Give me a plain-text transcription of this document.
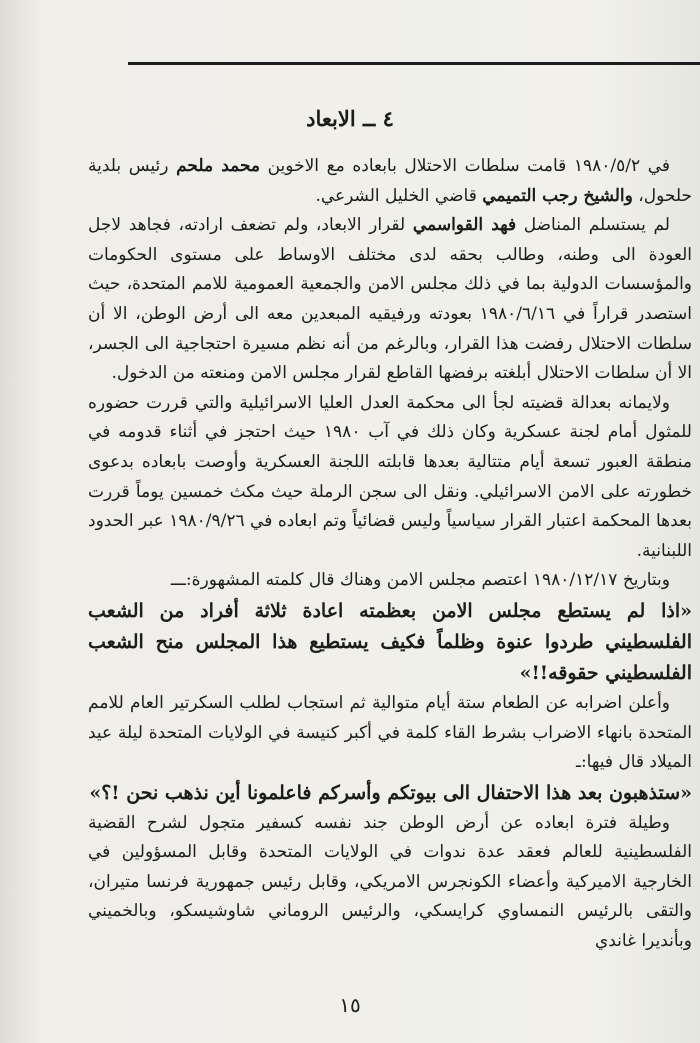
٤ ــ الابعاد

في ١٩٨٠/٥/٢ قامت سلطات الاحتلال بابعاده مع الاخوين محمد ملحم رئيس بلدية حلحول، والشيخ رجب التميمي قاضي الخليل الشرعي.

لم يستسلم المناضل فهد القواسمي لقرار الابعاد، ولم تضعف ارادته، فجاهد لاجل العودة الى وطنه، وطالب بحقه لدى مختلف الاوساط على مستوى الحكومات والمؤسسات الدولية بما في ذلك مجلس الامن والجمعية العمومية للامم المتحدة، حيث استصدر قراراً في ١٩٨٠/٦/١٦ بعودته ورفيقيه المبعدين معه الى أرض الوطن، الا أن سلطات الاحتلال رفضت هذا القرار، وبالرغم من أنه نظم مسيرة احتجاجية الى الجسر، الا أن سلطات الاحتلال أبلغته برفضها القاطع لقرار مجلس الامن ومنعته من الدخول.

ولايمانه بعدالة قضيته لجأ الى محكمة العدل العليا الاسرائيلية والتي قررت حضوره للمثول أمام لجنة عسكرية وكان ذلك في آب ١٩٨٠ حيث احتجز في أثناء قدومه في منطقة العبور تسعة أيام متتالية بعدها قابلته اللجنة العسكرية وأوصت بابعاده بدعوى خطورته على الامن الاسرائيلي. ونقل الى سجن الرملة حيث مكث خمسين يوماً قررت بعدها المحكمة اعتبار القرار سياسياً وليس قضائياً وتم ابعاده في ١٩٨٠/٩/٢٦ عبر الحدود اللبنانية.

وبتاريخ ١٩٨٠/١٢/١٧ اعتصم مجلس الامن وهناك قال كلمته المشهورة:ـــ

«اذا لم يستطع مجلس الامن بعظمته اعادة ثلاثة أفراد من الشعب الفلسطيني طردوا عنوة وظلماً فكيف يستطيع هذا المجلس منح الشعب الفلسطيني حقوقه!!»

وأعلن اضرابه عن الطعام ستة أيام متوالية ثم استجاب لطلب السكرتير العام للامم المتحدة بانهاء الاضراب بشرط القاء كلمة في أكبر كنيسة في الولايات المتحدة ليلة عيد الميلاد قال فيها:ـ

«ستذهبون بعد هذا الاحتفال الى بيوتكم وأسركم فاعلمونا أين نذهب نحن !؟»

وطيلة فترة ابعاده عن أرض الوطن جند نفسه كسفير متجول لشرح القضية الفلسطينية للعالم فعقد عدة ندوات في الولايات المتحدة وقابل المسؤولين في الخارجية الاميركية وأعضاء الكونجرس الامريكي، وقابل رئيس جمهورية فرنسا متيران، والتقى بالرئيس النمساوي كرايسكي، والرئيس الروماني شاوشيسكو، وبالخميني وبأنديرا غاندي

١٥
